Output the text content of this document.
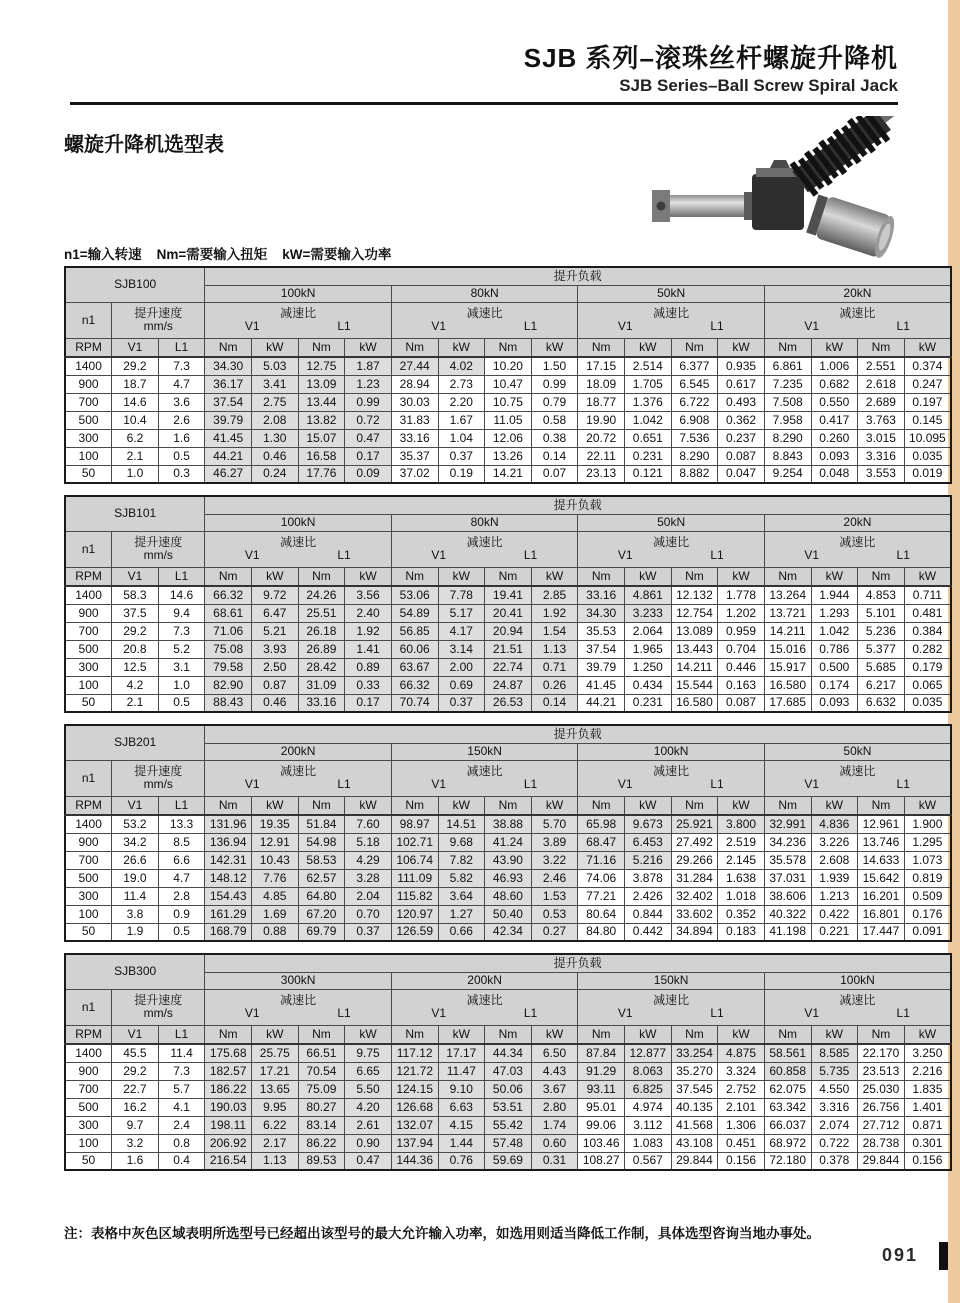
SJB 系列–滚珠丝杆螺旋升降机
SJB Series–Ball Screw Spiral Jack
螺旋升降机选型表
n1=输入转速    Nm=需要输入扭矩    kW=需要输入功率
SJB100			提升负载															
			100kN				80kN				50kN				20kN			
n1	提升速度
mm/s

减速比
V1	L1

减速比
V1	L1

减速比
V1	L1

减速比
V1	L1

RPM	V1	L1	Nm	kW	Nm	kW	Nm	kW	Nm	kW	Nm	kW	Nm	kW	Nm	kW	Nm	kW
1400	29.2	7.3	34.30	5.03	12.75	1.87	27.44	4.02	10.20	1.50	17.15	2.514	6.377	0.935	6.861	1.006	2.551	0.374
900	18.7	4.7	36.17	3.41	13.09	1.23	28.94	2.73	10.47	0.99	18.09	1.705	6.545	0.617	7.235	0.682	2.618	0.247
700	14.6	3.6	37.54	2.75	13.44	0.99	30.03	2.20	10.75	0.79	18.77	1.376	6.722	0.493	7.508	0.550	2.689	0.197
500	10.4	2.6	39.79	2.08	13.82	0.72	31.83	1.67	11.05	0.58	19.90	1.042	6.908	0.362	7.958	0.417	3.763	0.145
300	6.2	1.6	41.45	1.30	15.07	0.47	33.16	1.04	12.06	0.38	20.72	0.651	7.536	0.237	8.290	0.260	3.015	10.095
100	2.1	0.5	44.21	0.46	16.58	0.17	35.37	0.37	13.26	0.14	22.11	0.231	8.290	0.087	8.843	0.093	3.316	0.035
50	1.0	0.3	46.27	0.24	17.76	0.09	37.02	0.19	14.21	0.07	23.13	0.121	8.882	0.047	9.254	0.048	3.553	0.019
SJB101			提升负载															
			100kN				80kN				50kN				20kN			
n1	提升速度
mm/s

减速比
V1	L1

减速比
V1	L1

减速比
V1	L1

减速比
V1	L1

RPM	V1	L1	Nm	kW	Nm	kW	Nm	kW	Nm	kW	Nm	kW	Nm	kW	Nm	kW	Nm	kW
1400	58.3	14.6	66.32	9.72	24.26	3.56	53.06	7.78	19.41	2.85	33.16	4.861	12.132	1.778	13.264	1.944	4.853	0.711
900	37.5	9.4	68.61	6.47	25.51	2.40	54.89	5.17	20.41	1.92	34.30	3.233	12.754	1.202	13.721	1.293	5.101	0.481
700	29.2	7.3	71.06	5.21	26.18	1.92	56.85	4.17	20.94	1.54	35.53	2.064	13.089	0.959	14.211	1.042	5.236	0.384
500	20.8	5.2	75.08	3.93	26.89	1.41	60.06	3.14	21.51	1.13	37.54	1.965	13.443	0.704	15.016	0.786	5.377	0.282
300	12.5	3.1	79.58	2.50	28.42	0.89	63.67	2.00	22.74	0.71	39.79	1.250	14.211	0.446	15.917	0.500	5.685	0.179
100	4.2	1.0	82.90	0.87	31.09	0.33	66.32	0.69	24.87	0.26	41.45	0.434	15.544	0.163	16.580	0.174	6.217	0.065
50	2.1	0.5	88.43	0.46	33.16	0.17	70.74	0.37	26.53	0.14	44.21	0.231	16.580	0.087	17.685	0.093	6.632	0.035
SJB201			提升负载															
			200kN				150kN				100kN				50kN			
n1	提升速度
mm/s

减速比
V1	L1

减速比
V1	L1

减速比
V1	L1

减速比
V1	L1

RPM	V1	L1	Nm	kW	Nm	kW	Nm	kW	Nm	kW	Nm	kW	Nm	kW	Nm	kW	Nm	kW
1400	53.2	13.3	131.96	19.35	51.84	7.60	98.97	14.51	38.88	5.70	65.98	9.673	25.921	3.800	32.991	4.836	12.961	1.900
900	34.2	8.5	136.94	12.91	54.98	5.18	102.71	9.68	41.24	3.89	68.47	6.453	27.492	2.519	34.236	3.226	13.746	1.295
700	26.6	6.6	142.31	10.43	58.53	4.29	106.74	7.82	43.90	3.22	71.16	5.216	29.266	2.145	35.578	2.608	14.633	1.073
500	19.0	4.7	148.12	7.76	62.57	3.28	111.09	5.82	46.93	2.46	74.06	3.878	31.284	1.638	37.031	1.939	15.642	0.819
300	11.4	2.8	154.43	4.85	64.80	2.04	115.82	3.64	48.60	1.53	77.21	2.426	32.402	1.018	38.606	1.213	16.201	0.509
100	3.8	0.9	161.29	1.69	67.20	0.70	120.97	1.27	50.40	0.53	80.64	0.844	33.602	0.352	40.322	0.422	16.801	0.176
50	1.9	0.5	168.79	0.88	69.79	0.37	126.59	0.66	42.34	0.27	84.80	0.442	34.894	0.183	41.198	0.221	17.447	0.091
SJB300			提升负载															
			300kN				200kN				150kN				100kN			
n1	提升速度
mm/s

减速比
V1	L1

减速比
V1	L1

减速比
V1	L1

减速比
V1	L1

RPM	V1	L1	Nm	kW	Nm	kW	Nm	kW	Nm	kW	Nm	kW	Nm	kW	Nm	kW	Nm	kW
1400	45.5	11.4	175.68	25.75	66.51	9.75	117.12	17.17	44.34	6.50	87.84	12.877	33.254	4.875	58.561	8.585	22.170	3.250
900	29.2	7.3	182.57	17.21	70.54	6.65	121.72	11.47	47.03	4.43	91.29	8.063	35.270	3.324	60.858	5.735	23.513	2.216
700	22.7	5.7	186.22	13.65	75.09	5.50	124.15	9.10	50.06	3.67	93.11	6.825	37.545	2.752	62.075	4.550	25.030	1.835
500	16.2	4.1	190.03	9.95	80.27	4.20	126.68	6.63	53.51	2.80	95.01	4.974	40.135	2.101	63.342	3.316	26.756	1.401
300	9.7	2.4	198.11	6.22	83.14	2.61	132.07	4.15	55.42	1.74	99.06	3.112	41.568	1.306	66.037	2.074	27.712	0.871
100	3.2	0.8	206.92	2.17	86.22	0.90	137.94	1.44	57.48	0.60	103.46	1.083	43.108	0.451	68.972	0.722	28.738	0.301
50	1.6	0.4	216.54	1.13	89.53	0.47	144.36	0.76	59.69	0.31	108.27	0.567	29.844	0.156	72.180	0.378	29.844	0.156
注：表格中灰色区域表明所选型号已经超出该型号的最大允许输入功率，如选用则适当降低工作制，具体选型咨询当地办事处。
091
